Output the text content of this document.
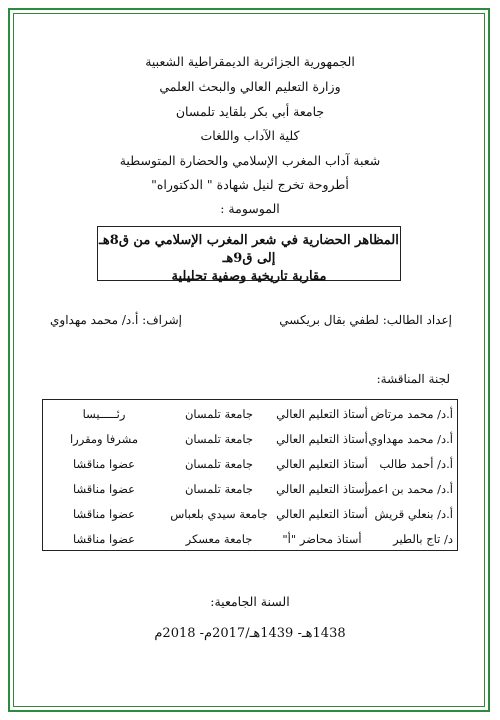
الجمهورية الجزائرية الديمقراطية الشعبية
وزارة التعليم العالي والبحث العلمي
جامعة أبي بكر بلقايد تلمسان
كلية الآداب واللغات
شعبة آداب المغرب الإسلامي والحضارة المتوسطية
أطروحة تخرج لنيل شهادة " الدكتوراه"
الموسومة :
المظاهر الحضارية في شعر المغرب الإسلامي من ق8هـ إلى ق9هـ
مقاربة تاريخية وصفية تحليلية
إعداد الطالب: لطفي بقال بريكسي
إشراف: أ.د/ محمد مهداوي
لجنة المناقشة:
أ.د/ محمد مرتاض
أستاذ التعليم العالي
جامعة تلمسان
رئـــــيسا
أ.د/ محمد مهداوي
أستاذ التعليم العالي
جامعة تلمسان
مشرفا ومقررا
أ.د/ أحمد طالب
أستاذ التعليم العالي
جامعة تلمسان
عضوا مناقشا
أ.د/ محمد بن اعمر
أستاذ التعليم العالي
جامعة تلمسان
عضوا مناقشا
أ.د/ بنعلي قريش
أستاذ التعليم العالي
جامعة سيدي بلعباس
عضوا مناقشا
د/ تاج بالطير
أستاذ محاضر "أ"
جامعة معسكر
عضوا مناقشا
السنة الجامعية:
1438هـ- 1439هـ/2017م- 2018م
